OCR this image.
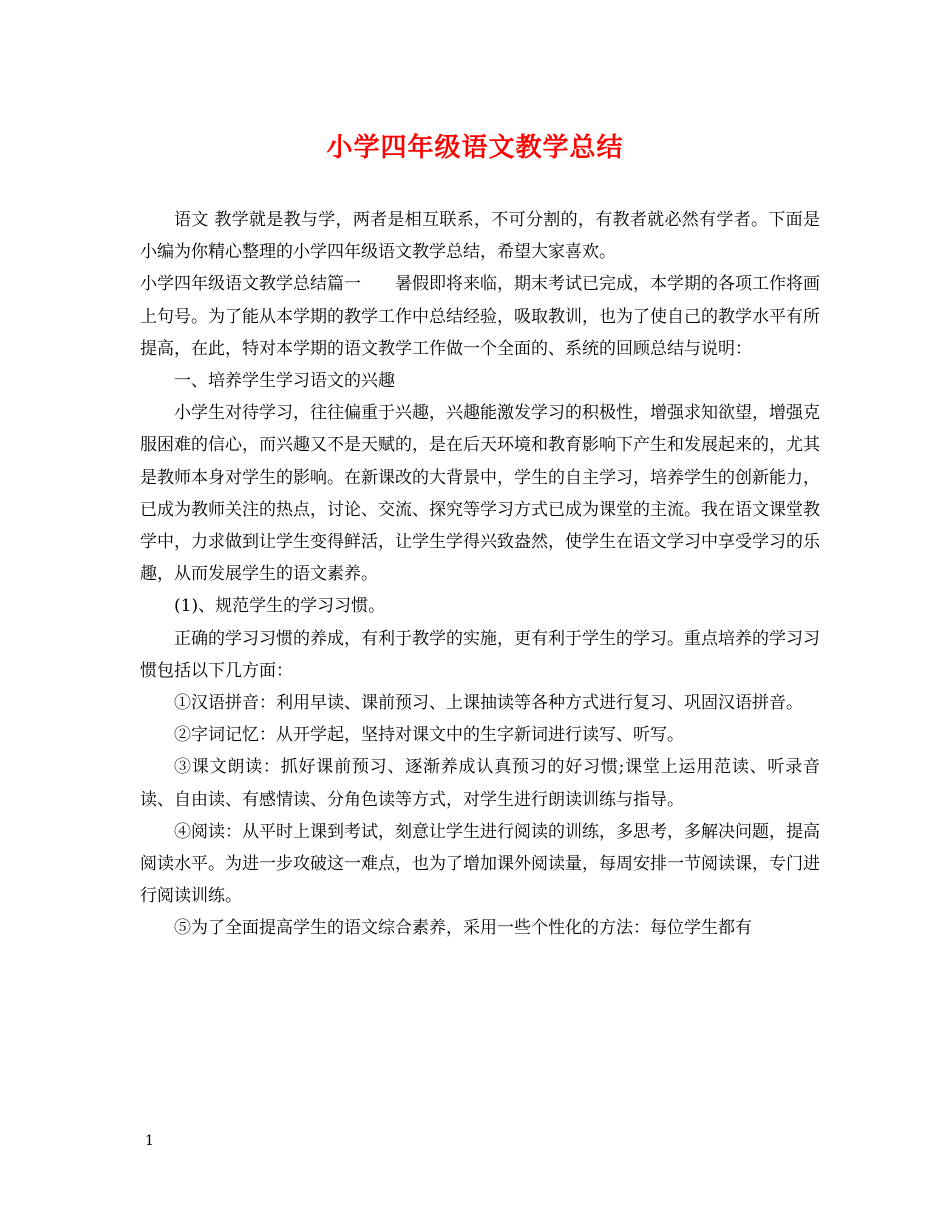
小学四年级语文教学总结

语文 教学就是教与学，两者是相互联系，不可分割的，有教者就必然有学者。下面是小编为你精心整理的小学四年级语文教学总结，希望大家喜欢。

小学四年级语文教学总结篇一　　暑假即将来临，期末考试已完成，本学期的各项工作将画上句号。为了能从本学期的教学工作中总结经验，吸取教训，也为了使自己的教学水平有所提高，在此，特对本学期的语文教学工作做一个全面的、系统的回顾总结与说明：

一、培养学生学习语文的兴趣

小学生对待学习，往往偏重于兴趣，兴趣能激发学习的积极性，增强求知欲望，增强克服困难的信心，而兴趣又不是天赋的，是在后天环境和教育影响下产生和发展起来的，尤其是教师本身对学生的影响。在新课改的大背景中，学生的自主学习，培养学生的创新能力，已成为教师关注的热点，讨论、交流、探究等学习方式已成为课堂的主流。我在语文课堂教学中，力求做到让学生变得鲜活，让学生学得兴致盎然，使学生在语文学习中享受学习的乐趣，从而发展学生的语文素养。

(1)、规范学生的学习习惯。

正确的学习习惯的养成，有利于教学的实施，更有利于学生的学习。重点培养的学习习惯包括以下几方面：

①汉语拼音：利用早读、课前预习、上课抽读等各种方式进行复习、巩固汉语拼音。

②字词记忆：从开学起，坚持对课文中的生字新词进行读写、听写。

③课文朗读：抓好课前预习、逐渐养成认真预习的好习惯;课堂上运用范读、听录音读、自由读、有感情读、分角色读等方式，对学生进行朗读训练与指导。

④阅读：从平时上课到考试，刻意让学生进行阅读的训练，多思考，多解决问题，提高阅读水平。为进一步攻破这一难点，也为了增加课外阅读量，每周安排一节阅读课，专门进行阅读训练。

⑤为了全面提高学生的语文综合素养，采用一些个性化的方法：每位学生都有

1
